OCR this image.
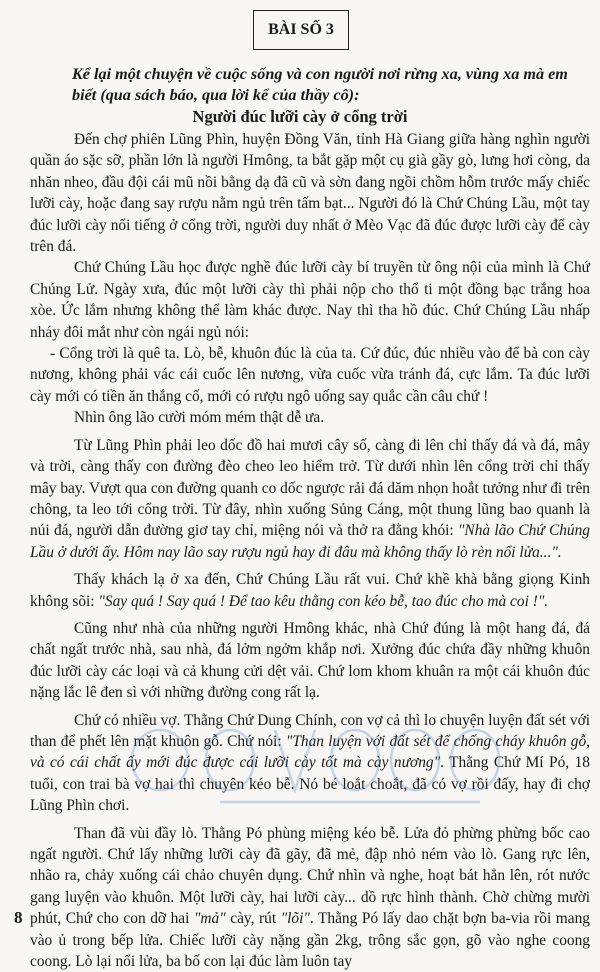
BÀI SỐ 3
Kể lại một chuyện về cuộc sống và con người nơi rừng xa, vùng xa mà em biết (qua sách báo, qua lời kể của thầy cô):
Người đúc lưỡi cày ở cổng trời

Đến chợ phiên Lũng Phìn, huyện Đồng Văn, tỉnh Hà Giang giữa hàng nghìn người quần áo sặc sỡ, phần lớn là người Hmông, ta bắt gặp một cụ già gầy gò, lưng hơi còng, da nhăn nheo, đầu đội cái mũ nồi bằng dạ đã cũ và sờn đang ngồi chồm hỗm trước mấy chiếc lưỡi cày, hoặc đang say rượu nằm ngủ trên tấm bạt... Người đó là Chứ Chúng Lầu, một tay đúc lưỡi cày nổi tiếng ở cổng trời, người duy nhất ở Mèo Vạc đã đúc được lưỡi cày để cày trên đá.

Chứ Chúng Lầu học được nghề đúc lưỡi cày bí truyền từ ông nội của mình là Chứ Chúng Lử. Ngày xưa, đúc một lưỡi cày thì phải nộp cho thổ ti một đồng bạc trắng hoa xòe. Ức lắm nhưng không thể làm khác được. Nay thì tha hồ đúc. Chứ Chúng Lầu nhấp nháy đôi mắt như còn ngái ngủ nói:

- Cổng trời là quê ta. Lò, bễ, khuôn đúc là của ta. Cứ đúc, đúc nhiều vào để bà con cày nương, không phải vác cái cuốc lên nương, vừa cuốc vừa tránh đá, cực lắm. Ta đúc lưỡi cày mới có tiền ăn thắng cố, mới có rượu ngô uống say quắc cần câu chứ !

Nhìn ông lão cười móm mém thật dễ ưa.

Từ Lũng Phìn phải leo dốc đồ hai mươi cây số, càng đi lên chỉ thấy đá và đá, mây và trời, càng thấy con đường đèo cheo leo hiểm trở. Từ dưới nhìn lên cổng trời chỉ thấy mây bay. Vượt qua con đường quanh co dốc ngược rải đá dăm nhọn hoắt tưởng như đi trên chông, ta leo tới cổng trời. Từ đây, nhìn xuống Sủng Cáng, một thung lũng bao quanh là núi đá, người dẫn đường giơ tay chỉ, miệng nói và thở ra đằng khói: "Nhà lão Chứ Chúng Lầu ở dưới ấy. Hôm nay lão say rượu ngủ hay đi đâu mà không thấy lò rèn nổi lửa...".

Thấy khách lạ ở xa đến, Chứ Chúng Lầu rất vui. Chứ khề khà bằng giọng Kinh không sõi: "Say quá ! Say quá ! Để tao kêu thằng con kéo bễ, tao đúc cho mà coi !".

Cũng như nhà của những người Hmông khác, nhà Chứ đúng là một hang đá, đá chất ngất trước nhà, sau nhà, đá lởm ngởm khắp nơi. Xưởng đúc chứa đầy những khuôn đúc lưỡi cày các loại và cả khung cửi dệt vải. Chứ lom khom khuân ra một cái khuôn đúc nặng lắc lê đen sì với những đường cong rất lạ.

Chứ có nhiều vợ. Thằng Chứ Dung Chính, con vợ cả thì lo chuyện luyện đất sét với than để phết lên mặt khuôn gỗ. Chứ nói: "Than luyện với đất sét để chống cháy khuôn gỗ, và có cái chất ấy mới đúc được cái lưỡi cày tốt mà cày nương". Thằng Chứ Mí Pó, 18 tuổi, con trai bà vợ hai thì chuyên kéo bễ. Nó bé loắt choắt, đã có vợ rồi đấy, hay đi chợ Lũng Phìn chơi.

Than đã vùi đầy lò. Thằng Pó phùng miệng kéo bễ. Lửa đỏ phừng phừng bốc cao ngất người. Chứ lấy những lưỡi cày đã gãy, đã mẻ, đập nhỏ ném vào lò. Gang rực lên, nhão ra, chảy xuống cái chảo chuyên dụng. Chứ nhìn và nghe, hoạt bát hẳn lên, rót nước gang luyện vào khuôn. Một lưỡi cày, hai lưỡi cày... dồ rực hình thành. Chờ chừng mười phút, Chứ cho con dỡ hai "mả" cày, rút "lõi". Thằng Pó lấy dao chặt bợn ba-via rồi mang vào ủ trong bếp lửa. Chiếc lưỡi cày nặng gần 2kg, trông sắc gọn, gõ vào nghe coong coong. Lò lại nổi lửa, ba bố con lại đúc làm luôn tay

8
